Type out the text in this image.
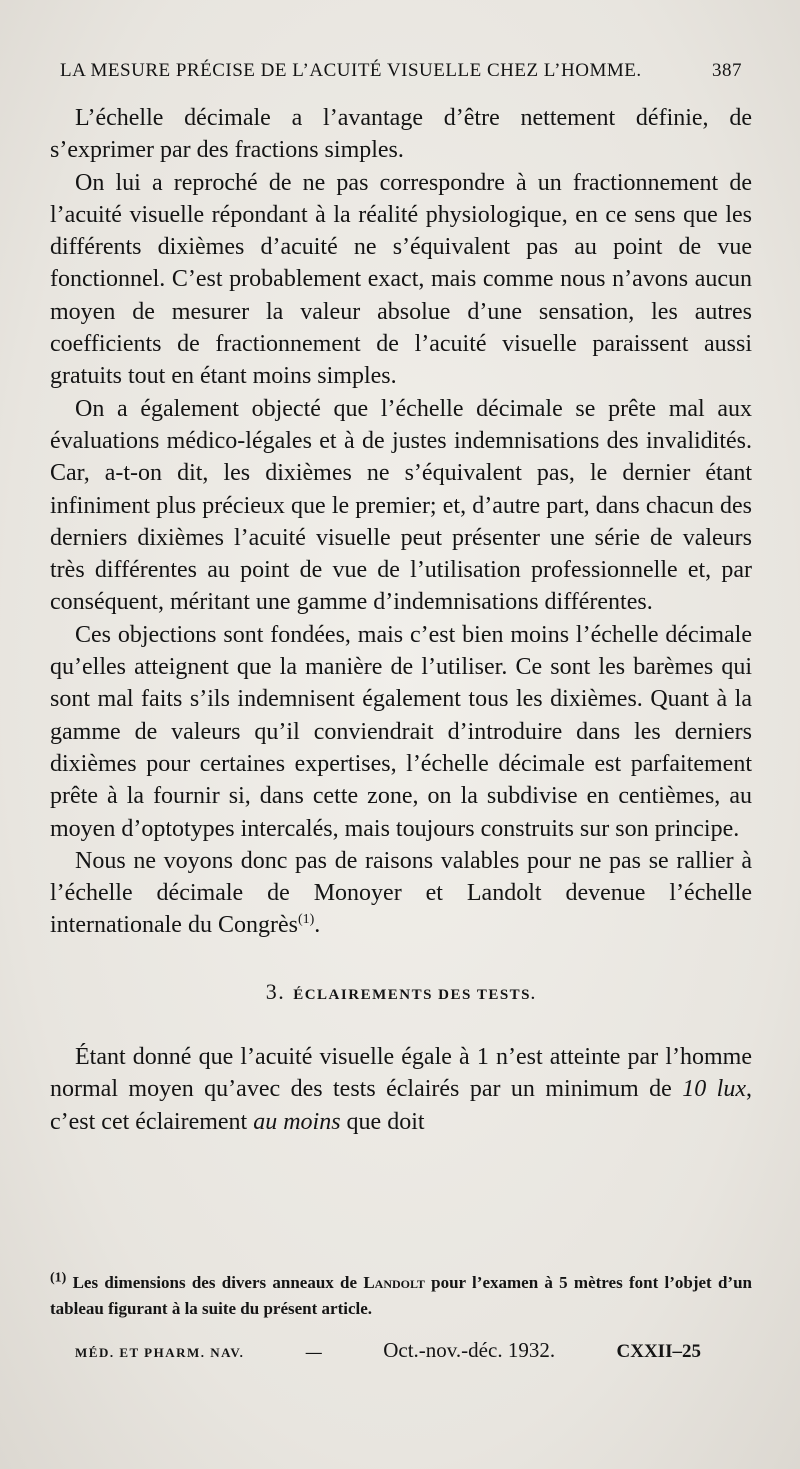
LA MESURE PRÉCISE DE L’ACUITÉ VISUELLE CHEZ L’HOMME.	387

L’échelle décimale a l’avantage d’être nettement définie, de s’exprimer par des fractions simples.

On lui a reproché de ne pas correspondre à un fractionnement de l’acuité visuelle répondant à la réalité physiologique, en ce sens que les différents dixièmes d’acuité ne s’équivalent pas au point de vue fonctionnel. C’est probablement exact, mais comme nous n’avons aucun moyen de mesurer la valeur absolue d’une sensation, les autres coefficients de fractionnement de l’acuité visuelle paraissent aussi gratuits tout en étant moins simples.

On a également objecté que l’échelle décimale se prête mal aux évaluations médico-légales et à de justes indemnisations des invalidités. Car, a-t-on dit, les dixièmes ne s’équivalent pas, le dernier étant infiniment plus précieux que le premier; et, d’autre part, dans chacun des derniers dixièmes l’acuité visuelle peut présenter une série de valeurs très différentes au point de vue de l’utilisation professionnelle et, par conséquent, méritant une gamme d’indemnisations différentes.

Ces objections sont fondées, mais c’est bien moins l’échelle décimale qu’elles atteignent que la manière de l’utiliser. Ce sont les barèmes qui sont mal faits s’ils indemnisent également tous les dixièmes. Quant à la gamme de valeurs qu’il conviendrait d’introduire dans les derniers dixièmes pour certaines expertises, l’échelle décimale est parfaitement prête à la fournir si, dans cette zone, on la subdivise en centièmes, au moyen d’optotypes intercalés, mais toujours construits sur son principe.

Nous ne voyons donc pas de raisons valables pour ne pas se rallier à l’échelle décimale de Monoyer et Landolt devenue l’échelle internationale du Congrès$^{(1)}$.

3. ÉCLAIREMENTS DES TESTS.

Étant donné que l’acuité visuelle égale à 1 n’est atteinte par l’homme normal moyen qu’avec des tests éclairés par un minimum de 10 lux, c’est cet éclairement au moins que doit

$^{(1)}$ Les dimensions des divers anneaux de Landolt pour l’examen à 5 mètres font l’objet d’un tableau figurant à la suite du présent article.
MÉD. ET PHARM. NAV.	—	Oct.-nov.-déc. 1932.	CXXII–25
